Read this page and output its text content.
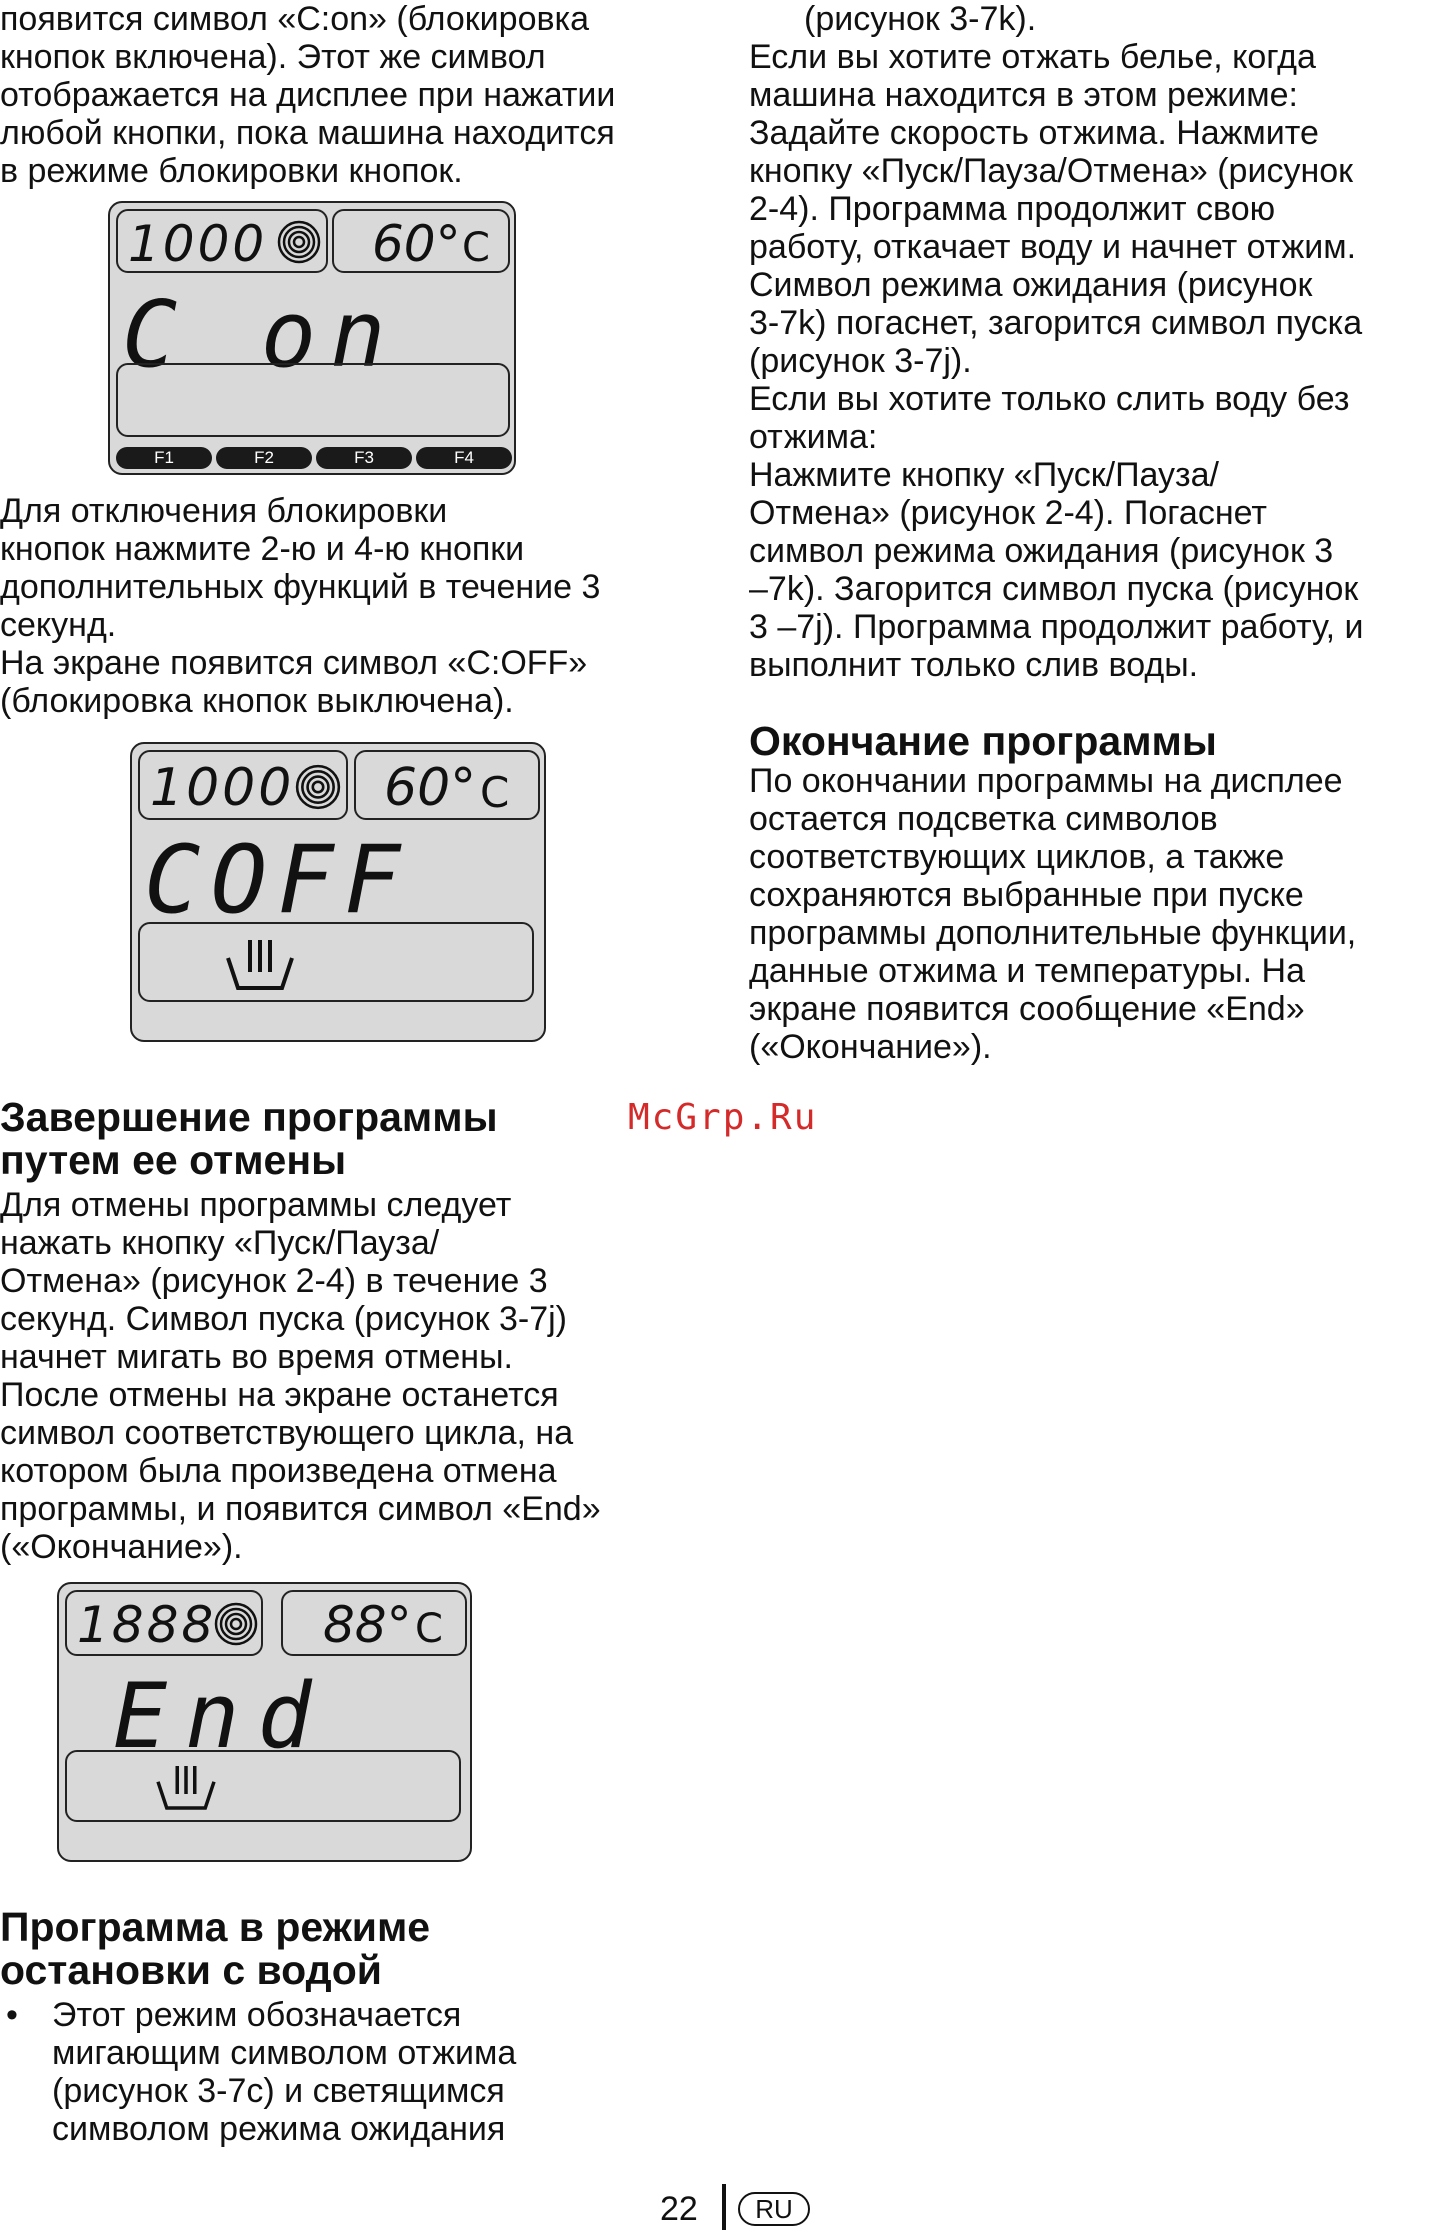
появится символ «C:on» (блокировка
кнопок включена). Этот же символ
отображается на дисплее при нажатии
любой кнопки, пока машина находится
в режиме блокировки кнопок.

1000 60° C
C on
F1	F2	F3	F4

Для отключения блокировки
кнопок нажмите 2-ю и 4-ю кнопки
дополнительных функций в течение 3
секунд.
На экране появится символ «C:OFF»
(блокировка кнопок выключена).

1000 60° C
COFF
Завершение программы
путем ее отмены

Для отмены программы следует
нажать кнопку «Пуск/Пауза/
Отмена» (рисунок 2-4) в течение 3
секунд. Символ пуска (рисунок 3-7j)
начнет мигать во время отмены.
После отмены на экране останется
символ соответствующего цикла, на
котором была произведена отмена
программы, и появится символ «End»
(«Окончание»).

1888 88° C
End
Программа в режиме
остановки с водой
•	Этот режим обозначается
мигающим символом отжима
(рисунок 3-7c) и светящимся
символом режима ожидания

(рисунок 3-7k).

Если вы хотите отжать белье, когда
машина находится в этом режиме:
Задайте скорость отжима. Нажмите
кнопку «Пуск/Пауза/Отмена» (рисунок
2-4). Программа продолжит свою
работу, откачает воду и начнет отжим.
Символ режима ожидания (рисунок
3-7k) погаснет, загорится символ пуска
(рисунок 3-7j).
Если вы хотите только слить воду без
отжима:
Нажмите кнопку «Пуск/Пауза/
Отмена» (рисунок 2-4). Погаснет
символ режима ожидания (рисунок 3
–7k). Загорится символ пуска (рисунок
3 –7j). Программа продолжит работу, и
выполнит только слив воды.

Окончание программы

По окончании программы на дисплее
остается подсветка символов
соответствующих циклов, а также
сохраняются выбранные при пуске
программы дополнительные функции,
данные отжима и температуры. На
экране появится сообщение «End»
(«Окончание»).

McGrp.Ru
22	RU
